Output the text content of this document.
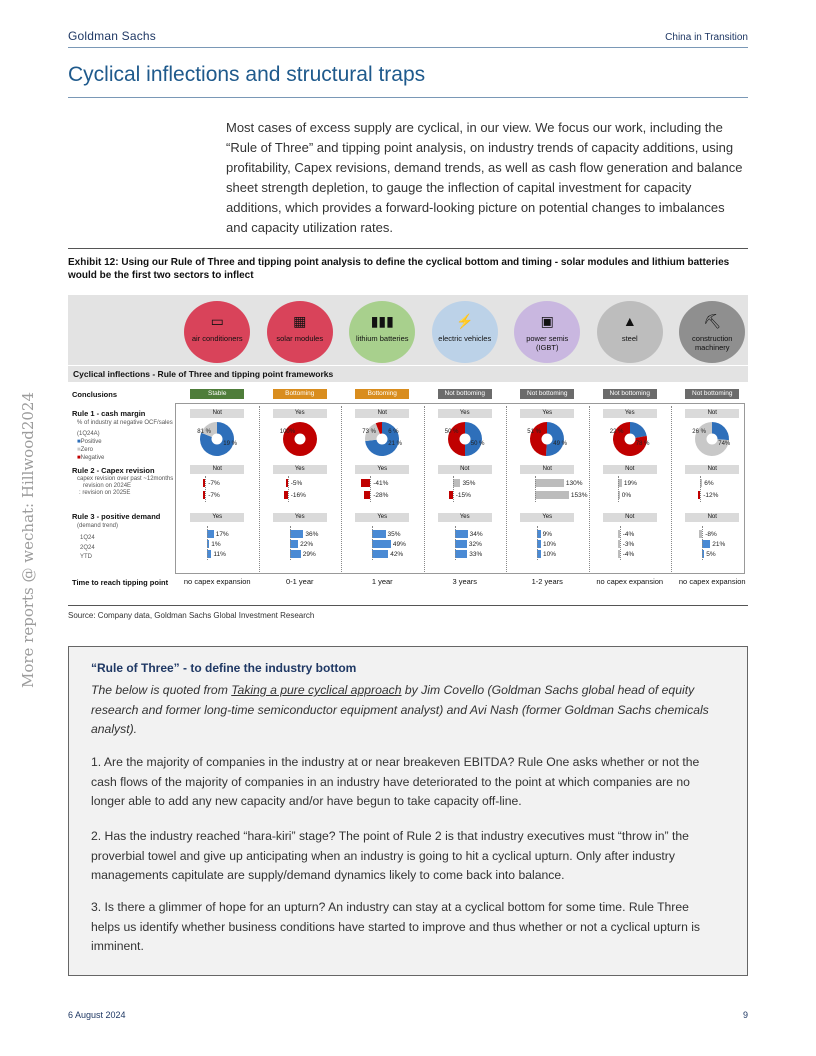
Goldman Sachs	China in Transition
Cyclical inflections and structural traps
Most cases of excess supply are cyclical, in our view. We focus our work, including the “Rule of Three” and tipping point analysis, on industry trends of capacity additions, using profitability, Capex revisions, demand trends, as well as cash flow generation and balance sheet strength depletion, to gauge the inflection of capital investment for capacity additions, which provides a forward-looking picture on potential changes to imbalances and capacity utilization rates.
Exhibit 12: Using our Rule of Three and tipping point analysis to define the cyclical bottom and timing - solar modules and lithium batteries would be the first two sectors to inflect
▭
air conditioners
▦
solar modules
▮▮▮
lithium batteries
⚡
electric vehicles
▣
power semis (IGBT)
▲
steel
⛏
construction machinery
Cyclical inflections - Rule of Three and tipping point frameworks
Conclusions
Rule 1 - cash margin
% of industry at negative OCF/sales
(1Q24A)
■Positive
■Zero
■Negative
Rule 2 - Capex revision
capex revision over past ~12months
revision on 2024E
: revision on 2025E
Rule 3 - positive demand
(demand trend)
1Q24
2Q24
YTD
Time to reach tipping point
Stable
Not
81 %
19 %
Not
-7%
-7%
Yes
17%
1%
11%
no capex expansion
Bottoming
Yes
100%
Yes
-5%
-16%
Yes
36%
22%
29%
0-1 year
Bottoming
Not
73 %
21 %
6 %
Yes
-41%
-28%
Yes
35%
49%
42%
1 year
Not bottoming
Yes
50 %
50 %
Not
35%
-15%
Yes
34%
32%
33%
3 years
Not bottoming
Yes
51 %
49 %
Not
130%
153%
Yes
9%
10%
10%
1-2 years
Not bottoming
Yes
22 %
78 %
Not
19%
0%
Not
-4%
-3%
-4%
no capex expansion
Not bottoming
Not
26 %
74%
Not
6%
-12%
Not
-8%
21%
5%
no capex expansion
Source: Company data, Goldman Sachs Global Investment Research
“Rule of Three” - to define the industry bottom
The below is quoted from Taking a pure cyclical approach by Jim Covello (Goldman Sachs global head of equity research and former long-time semiconductor equipment analyst) and Avi Nash (former Goldman Sachs chemicals analyst).
1. Are the majority of companies in the industry at or near breakeven EBITDA? Rule One asks whether or not the cash flows of the majority of companies in an industry have deteriorated to the point at which companies are no longer able to add any new capacity and/or have begun to take capacity off-line.
2. Has the industry reached “hara-kiri” stage? The point of Rule 2 is that industry executives must “throw in” the proverbial towel and give up anticipating when an industry is going to hit a cyclical upturn. Only after industry managements capitulate are supply/demand dynamics likely to come back into balance.
3. Is there a glimmer of hope for an upturn? An industry can stay at a cyclical bottom for some time. Rule Three helps us identify whether business conditions have started to improve and thus whether or not a cyclical upturn is imminent.
6 August 2024	9
More reports @ wechat: Hillwood2024
